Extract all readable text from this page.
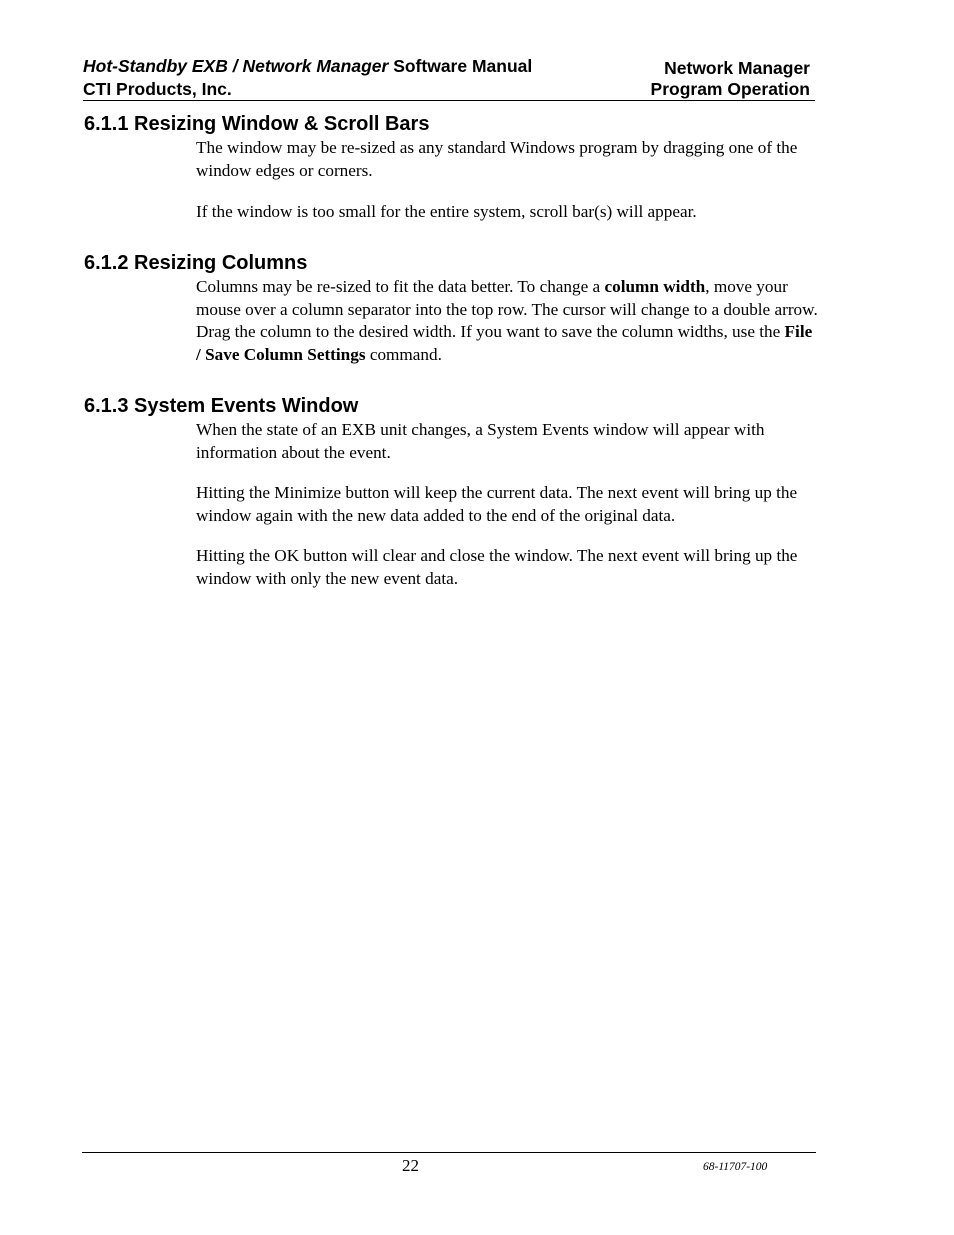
Hot-Standby EXB / Network Manager Software Manual
CTI Products, Inc.
Network Manager
Program Operation
6.1.1 Resizing Window & Scroll Bars

The window may be re-sized as any standard Windows program by dragging one of the window edges or corners.

If the window is too small for the entire system, scroll bar(s) will appear.

6.1.2 Resizing Columns

Columns may be re-sized to fit the data better. To change a column width, move your mouse over a column separator into the top row. The cursor will change to a double arrow. Drag the column to the desired width. If you want to save the column widths, use the File / Save Column Settings command.

6.1.3 System Events Window

When the state of an EXB unit changes, a System Events window will appear with information about the event.

Hitting the Minimize button will keep the current data. The next event will bring up the window again with the new data added to the end of the original data.

Hitting the OK button will clear and close the window. The next event will bring up the window with only the new event data.

22	68-11707-100
